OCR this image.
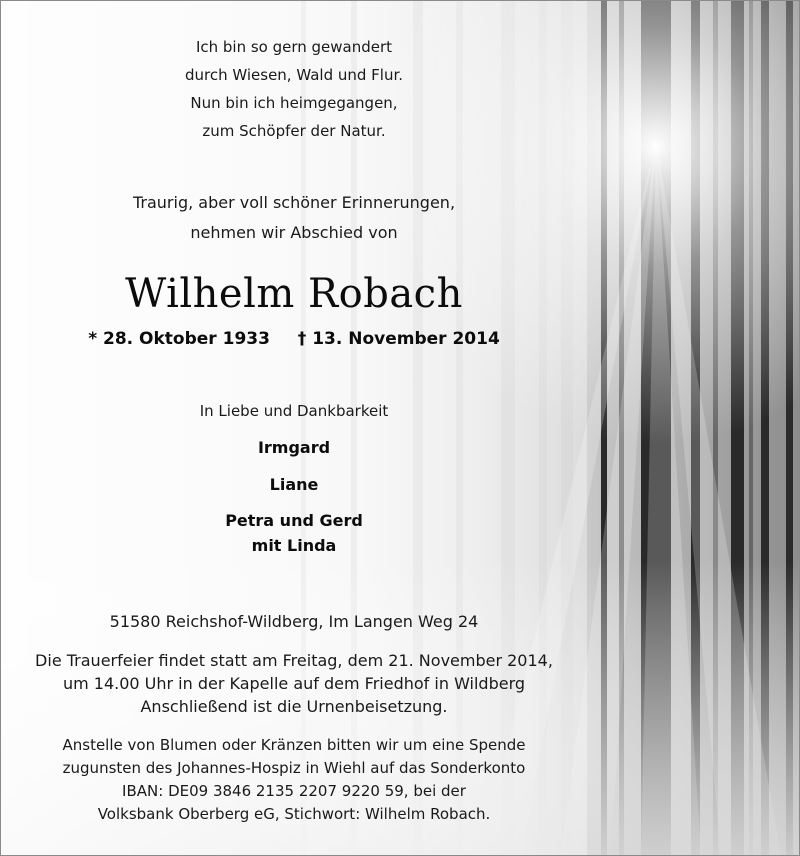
Ich bin so gern gewandert
durch Wiesen, Wald und Flur.
Nun bin ich heimgegangen,
zum Schöpfer der Natur.
Traurig, aber voll schöner Erinnerungen,
nehmen wir Abschied von
Wilhelm Robach
* 28. Oktober 1933 † 13. November 2014
In Liebe und Dankbarkeit
Irmgard
Liane
Petra und Gerd
mit Linda
51580 Reichshof-Wildberg, Im Langen Weg 24
Die Trauerfeier findet statt am Freitag, dem 21. November 2014,
um 14.00 Uhr in der Kapelle auf dem Friedhof in Wildberg
Anschließend ist die Urnenbeisetzung.
Anstelle von Blumen oder Kränzen bitten wir um eine Spende
zugunsten des Johannes-Hospiz in Wiehl auf das Sonderkonto
IBAN: DE09 3846 2135 2207 9220 59, bei der
Volksbank Oberberg eG, Stichwort: Wilhelm Robach.
